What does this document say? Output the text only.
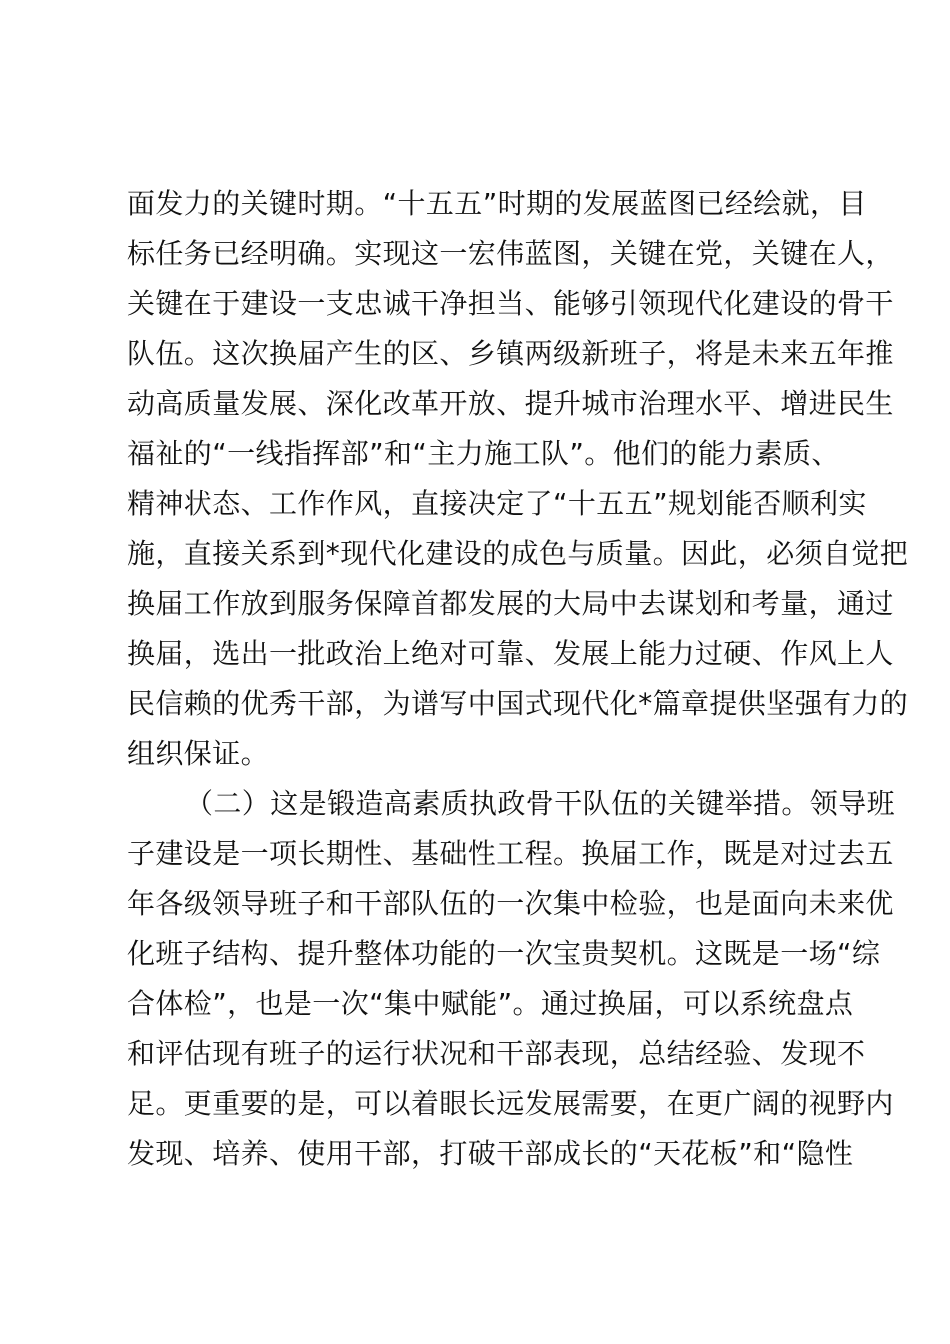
面发力的关键时期。“十五五”时期的发展蓝图已经绘就，目
标任务已经明确。实现这一宏伟蓝图，关键在党，关键在人，
关键在于建设一支忠诚干净担当、能够引领现代化建设的骨干
队伍。这次换届产生的区、乡镇两级新班子，将是未来五年推
动高质量发展、深化改革开放、提升城市治理水平、增进民生
福祉的“一线指挥部”和“主力施工队”。他们的能力素质、
精神状态、工作作风，直接决定了“十五五”规划能否顺利实
施，直接关系到*现代化建设的成色与质量。因此，必须自觉把
换届工作放到服务保障首都发展的大局中去谋划和考量，通过
换届，选出一批政治上绝对可靠、发展上能力过硬、作风上人
民信赖的优秀干部，为谱写中国式现代化*篇章提供坚强有力的
组织保证。
（二）这是锻造高素质执政骨干队伍的关键举措。领导班
子建设是一项长期性、基础性工程。换届工作，既是对过去五
年各级领导班子和干部队伍的一次集中检验，也是面向未来优
化班子结构、提升整体功能的一次宝贵契机。这既是一场“综
合体检”，也是一次“集中赋能”。通过换届，可以系统盘点
和评估现有班子的运行状况和干部表现，总结经验、发现不
足。更重要的是，可以着眼长远发展需要，在更广阔的视野内
发现、培养、使用干部，打破干部成长的“天花板”和“隐性
